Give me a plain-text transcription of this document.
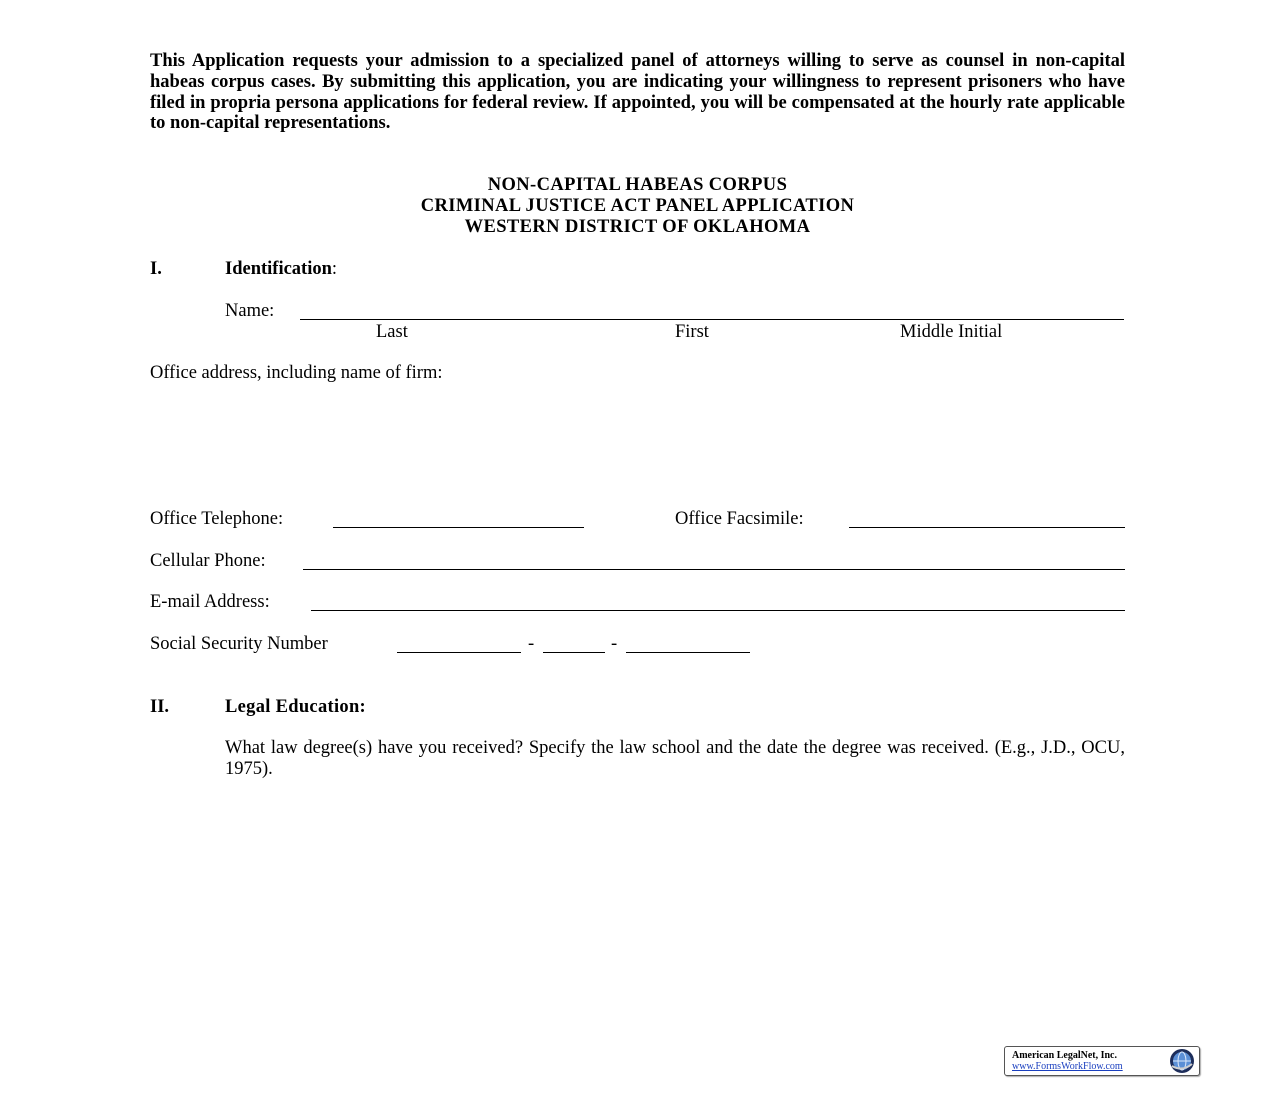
This Application requests your admission to a specialized panel of attorneys willing to serve as counsel in non-capital habeas corpus cases. By submitting this application, you are indicating your willingness to represent prisoners who have filed in propria persona applications for federal review. If appointed, you will be compensated at the hourly rate applicable to non-capital representations.

NON-CAPITAL HABEAS CORPUS
CRIMINAL JUSTICE ACT PANEL APPLICATION
WESTERN DISTRICT OF OKLAHOMA
I.	Identification:
Name:
Last	First	Middle Initial
Office address, including name of firm:
Office Telephone:	Office Facsimile:
Cellular Phone:
E-mail Address:
Social Security Number	-	-
II.	Legal Education:

What law degree(s) have you received? Specify the law school and the date the degree was received. (E.g., J.D., OCU, 1975).

American LegalNet, Inc.
www.FormsWorkFlow.com
